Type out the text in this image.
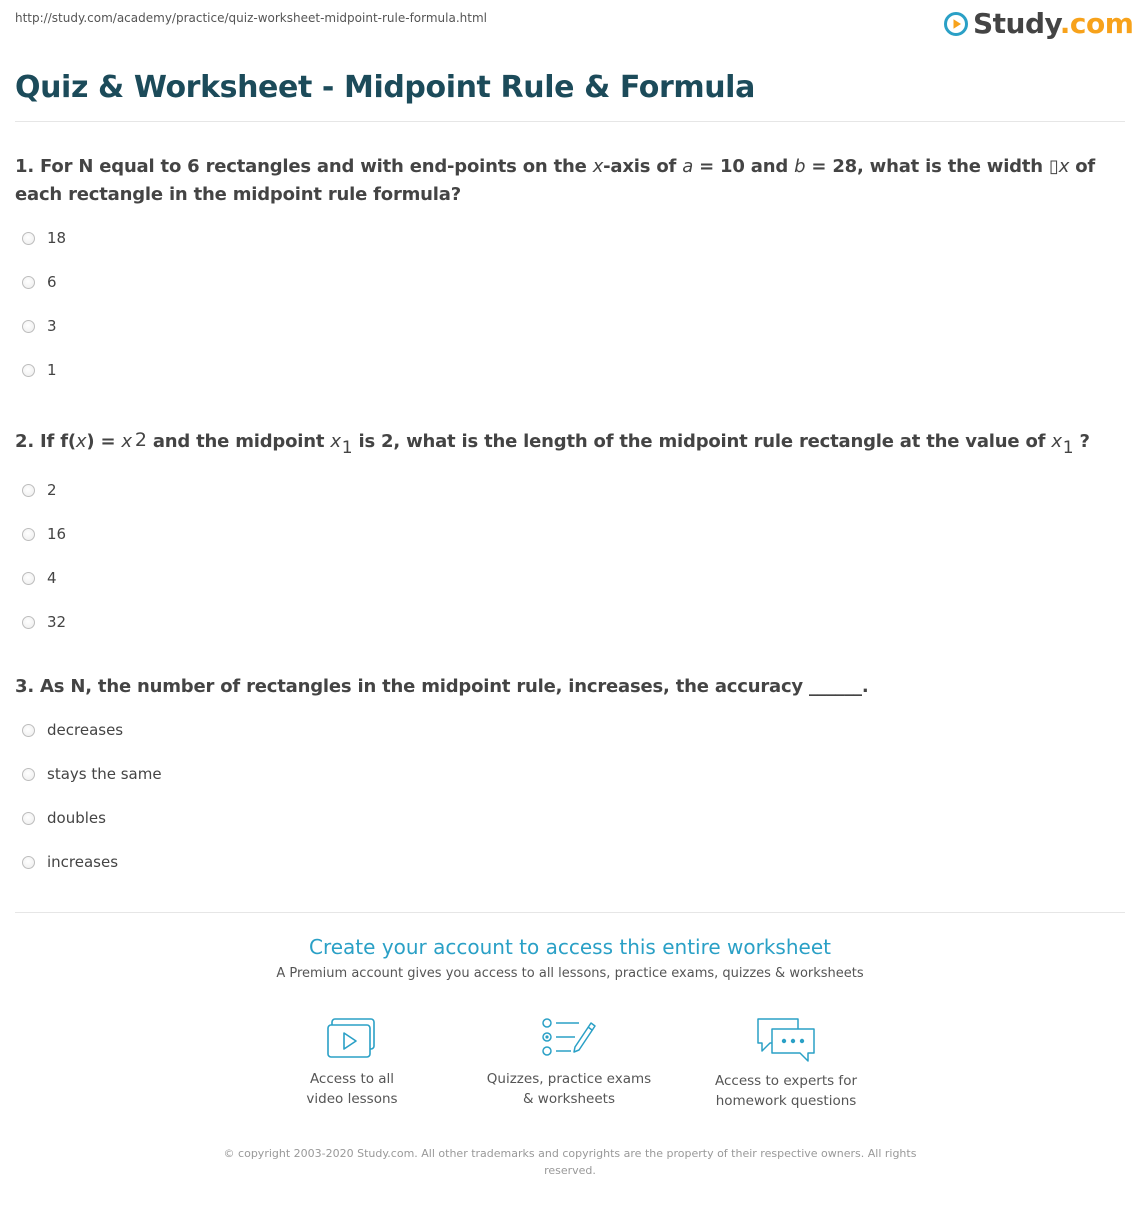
http://study.com/academy/practice/quiz-worksheet-midpoint-rule-formula.html	Study.com
Quiz & Worksheet - Midpoint Rule & Formula
1. For N equal to 6 rectangles and with end-points on the x-axis of a = 10 and b = 28, what is the width ▯x of each rectangle in the midpoint rule formula?
18
6
3
1
2. If f(x) = x $^2$ and the midpoint $x_1$ is 2, what is the length of the midpoint rule rectangle at the value of $x_1$ ?
2
16
4
32
3. As N, the number of rectangles in the midpoint rule, increases, the accuracy ______.
decreases
stays the same
doubles
increases
Create your account to access this entire worksheet
A Premium account gives you access to all lessons, practice exams, quizzes & worksheets
Access to all
video lessons
Quizzes, practice exams
& worksheets
Access to experts for
homework questions
© copyright 2003-2020 Study.com. All other trademarks and copyrights are the property of their respective owners. All rights reserved.
